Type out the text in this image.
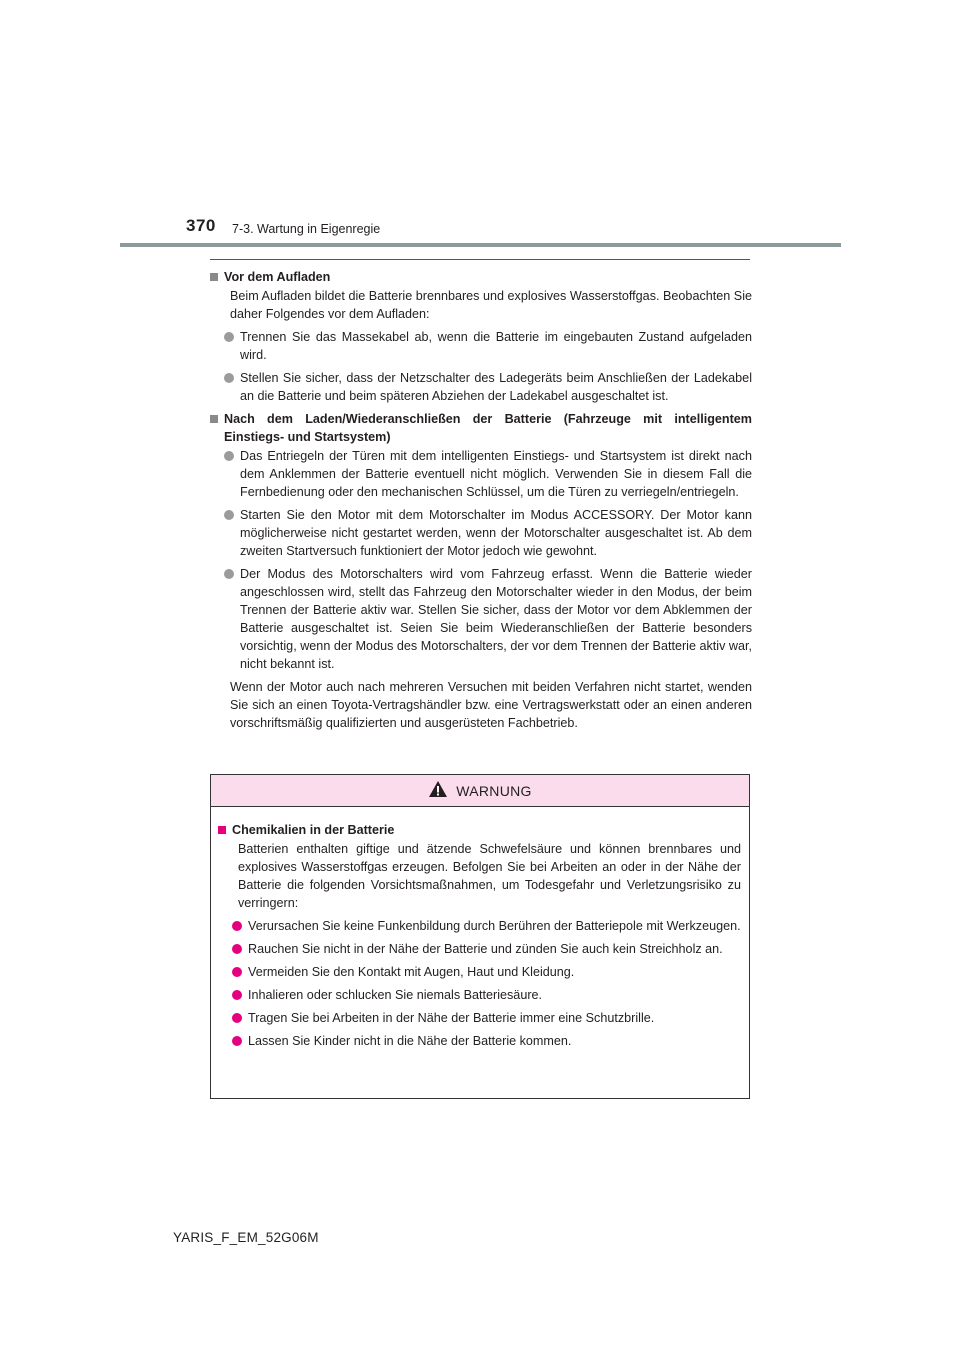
370 7-3. Wartung in Eigenregie
Vor dem Aufladen
Beim Aufladen bildet die Batterie brennbares und explosives Wasserstoffgas. Beobachten Sie daher Folgendes vor dem Aufladen:
Trennen Sie das Massekabel ab, wenn die Batterie im eingebauten Zustand aufgeladen wird.
Stellen Sie sicher, dass der Netzschalter des Ladegeräts beim Anschließen der Ladekabel an die Batterie und beim späteren Abziehen der Ladekabel ausgeschaltet ist.
Nach dem Laden/Wiederanschließen der Batterie (Fahrzeuge mit intelligentem Einstiegs- und Startsystem)
Das Entriegeln der Türen mit dem intelligenten Einstiegs- und Startsystem ist direkt nach dem Anklemmen der Batterie eventuell nicht möglich. Verwenden Sie in diesem Fall die Fernbedienung oder den mechanischen Schlüssel, um die Türen zu verriegeln/entriegeln.
Starten Sie den Motor mit dem Motorschalter im Modus ACCESSORY. Der Motor kann möglicherweise nicht gestartet werden, wenn der Motorschalter ausgeschaltet ist. Ab dem zweiten Startversuch funktioniert der Motor jedoch wie gewohnt.
Der Modus des Motorschalters wird vom Fahrzeug erfasst. Wenn die Batterie wieder angeschlossen wird, stellt das Fahrzeug den Motorschalter wieder in den Modus, der beim Trennen der Batterie aktiv war. Stellen Sie sicher, dass der Motor vor dem Abklemmen der Batterie ausgeschaltet ist. Seien Sie beim Wiederanschließen der Batterie besonders vorsichtig, wenn der Modus des Motorschalters, der vor dem Trennen der Batterie aktiv war, nicht bekannt ist.
Wenn der Motor auch nach mehreren Versuchen mit beiden Verfahren nicht startet, wenden Sie sich an einen Toyota-Vertragshändler bzw. eine Vertragswerkstatt oder an einen anderen vorschriftsmäßig qualifizierten und ausgerüsteten Fachbetrieb.
WARNUNG
Chemikalien in der Batterie
Batterien enthalten giftige und ätzende Schwefelsäure und können brennbares und explosives Wasserstoffgas erzeugen. Befolgen Sie bei Arbeiten an oder in der Nähe der Batterie die folgenden Vorsichtsmaßnahmen, um Todesgefahr und Verletzungsrisiko zu verringern:
Verursachen Sie keine Funkenbildung durch Berühren der Batteriepole mit Werkzeugen.
Rauchen Sie nicht in der Nähe der Batterie und zünden Sie auch kein Streichholz an.
Vermeiden Sie den Kontakt mit Augen, Haut und Kleidung.
Inhalieren oder schlucken Sie niemals Batteriesäure.
Tragen Sie bei Arbeiten in der Nähe der Batterie immer eine Schutzbrille.
Lassen Sie Kinder nicht in die Nähe der Batterie kommen.
YARIS_F_EM_52G06M
